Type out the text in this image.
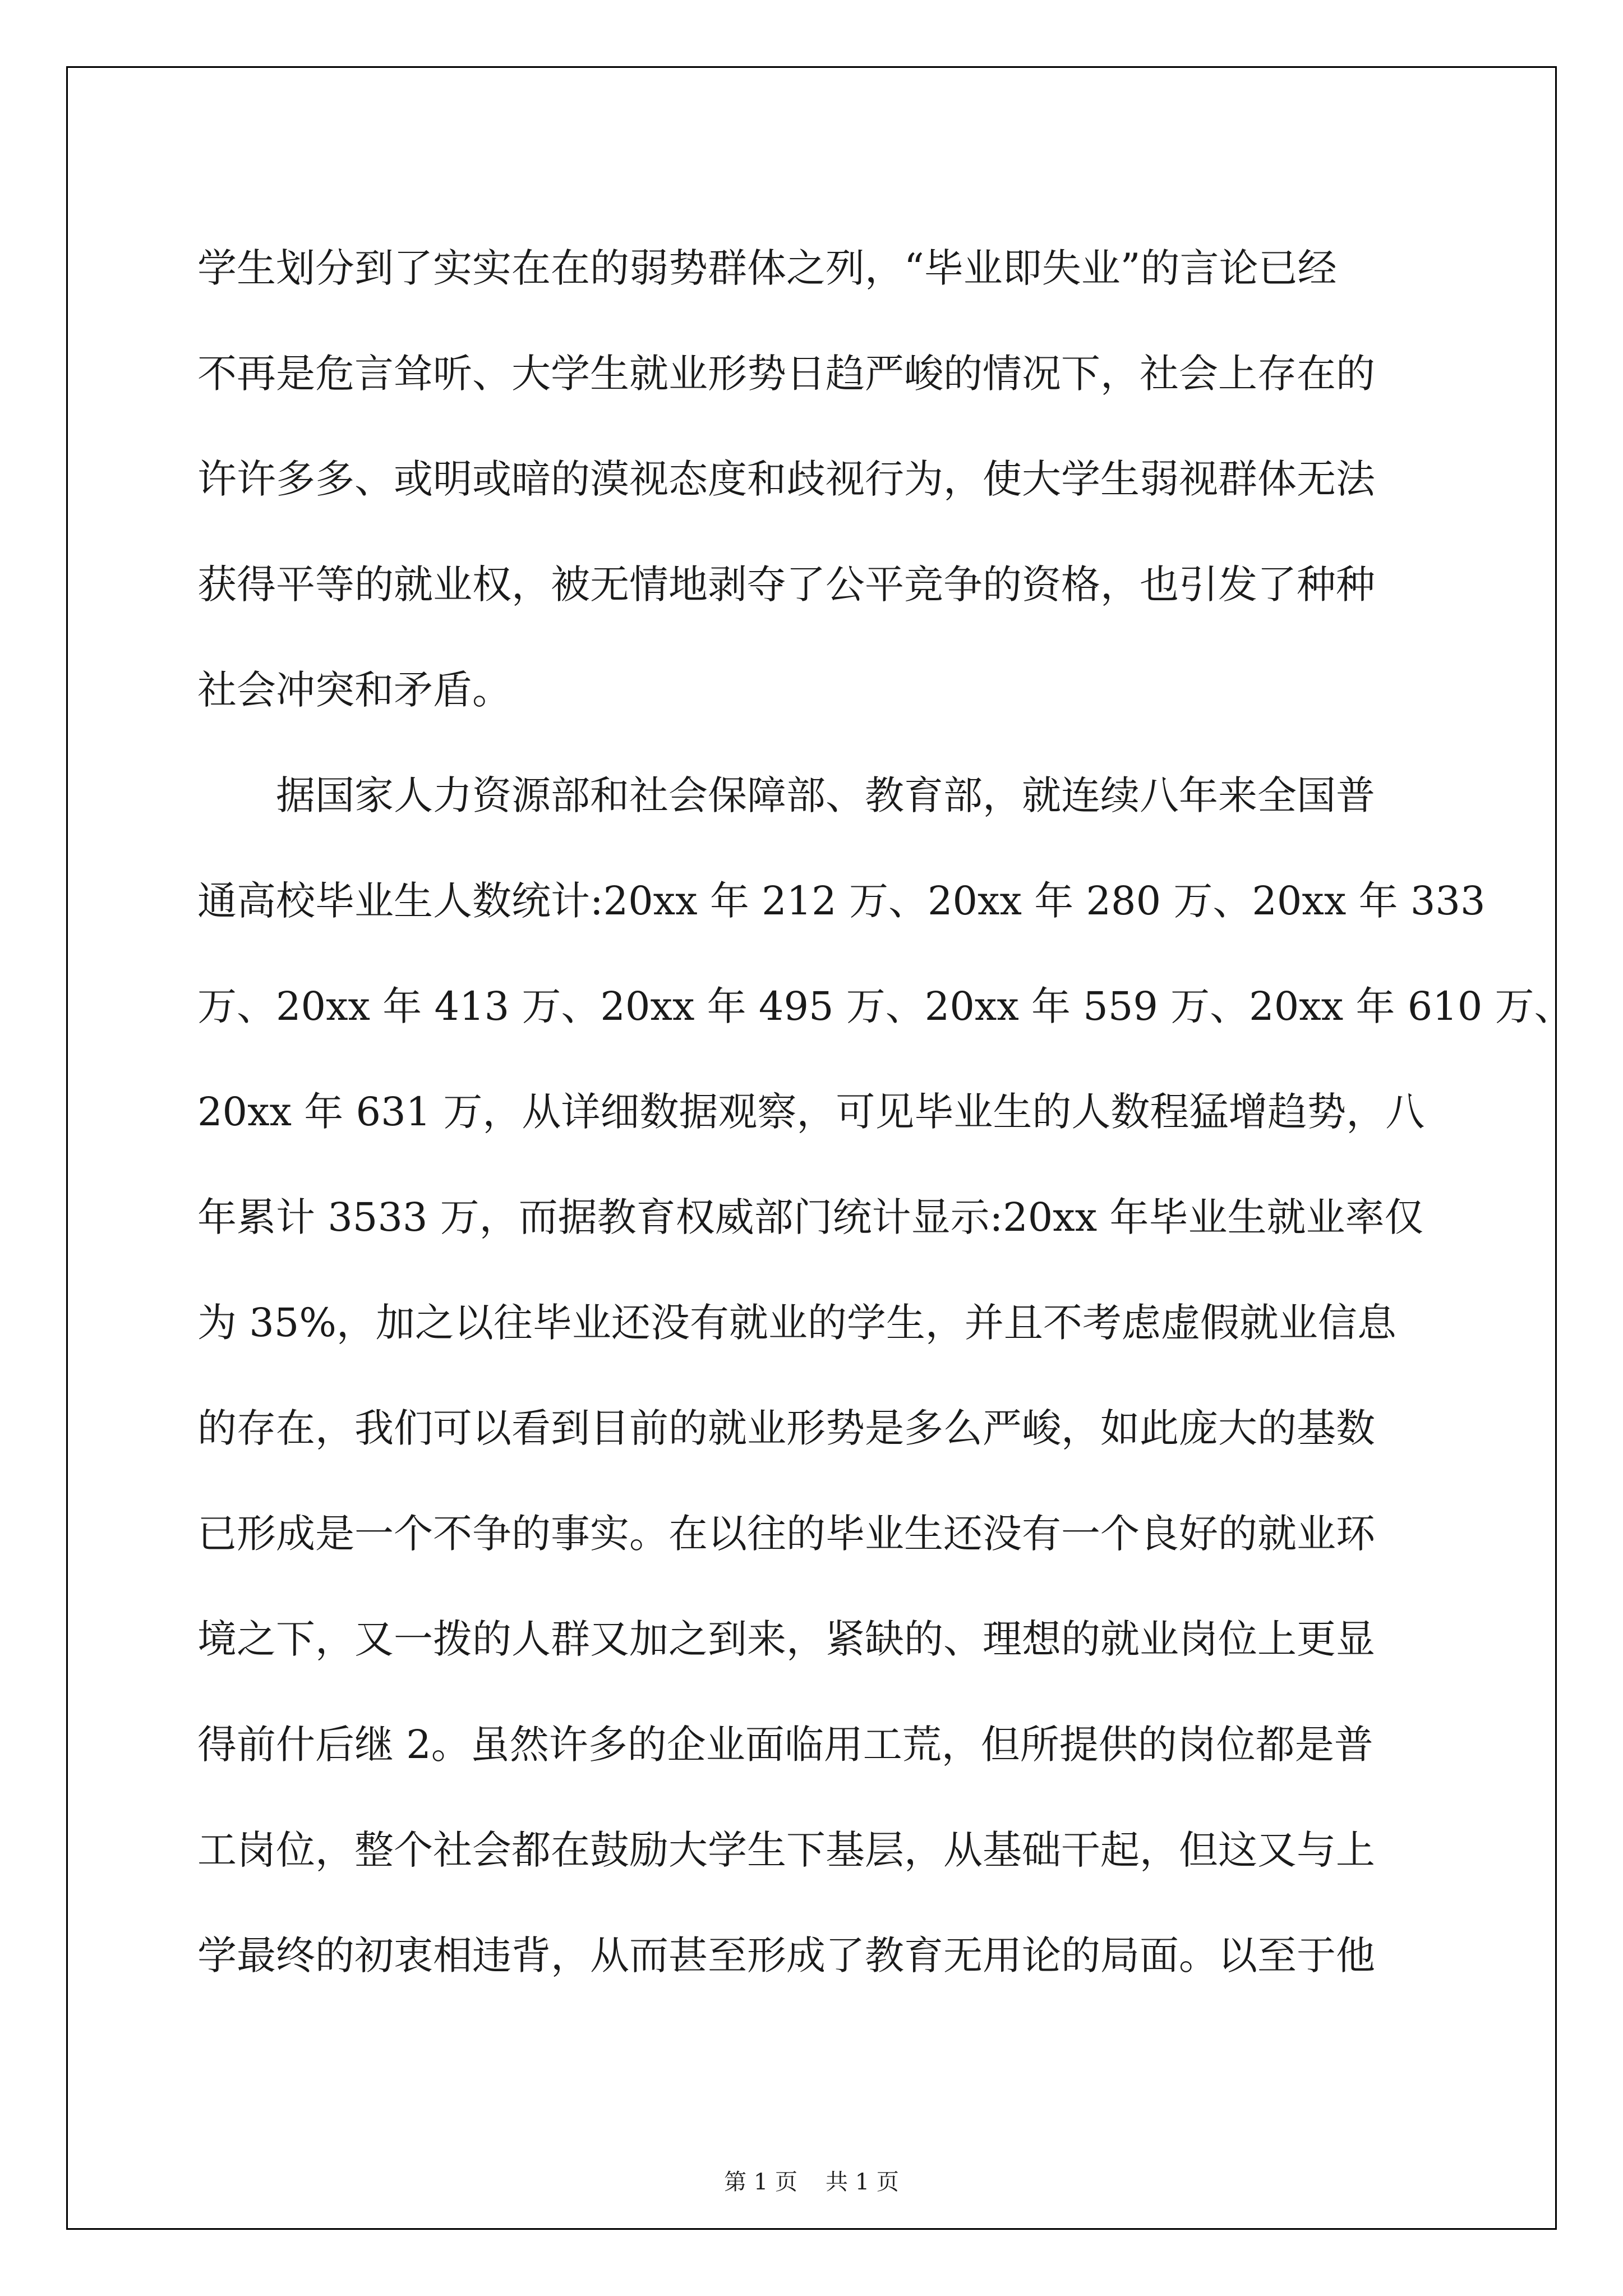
学生划分到了实实在在的弱势群体之列，“毕业即失业”的言论已经
不再是危言耸听、大学生就业形势日趋严峻的情况下，社会上存在的
许许多多、或明或暗的漠视态度和歧视行为，使大学生弱视群体无法
获得平等的就业权，被无情地剥夺了公平竞争的资格，也引发了种种
社会冲突和矛盾。
　　据国家人力资源部和社会保障部、教育部，就连续八年来全国普
通高校毕业生人数统计:20xx 年 212 万、20xx 年 280 万、20xx 年 333
万、20xx 年 413 万、20xx 年 495 万、20xx 年 559 万、20xx 年 610 万、
20xx 年 631 万，从详细数据观察，可见毕业生的人数程猛增趋势，八
年累计 3533 万，而据教育权威部门统计显示:20xx 年毕业生就业率仅
为 35%，加之以往毕业还没有就业的学生，并且不考虑虚假就业信息
的存在，我们可以看到目前的就业形势是多么严峻，如此庞大的基数
已形成是一个不争的事实。在以往的毕业生还没有一个良好的就业环
境之下，又一拨的人群又加之到来，紧缺的、理想的就业岗位上更显
得前什后继 2。虽然许多的企业面临用工荒，但所提供的岗位都是普
工岗位，整个社会都在鼓励大学生下基层，从基础干起，但这又与上
学最终的初衷相违背，从而甚至形成了教育无用论的局面。以至于他
第 1 页 共 1 页
